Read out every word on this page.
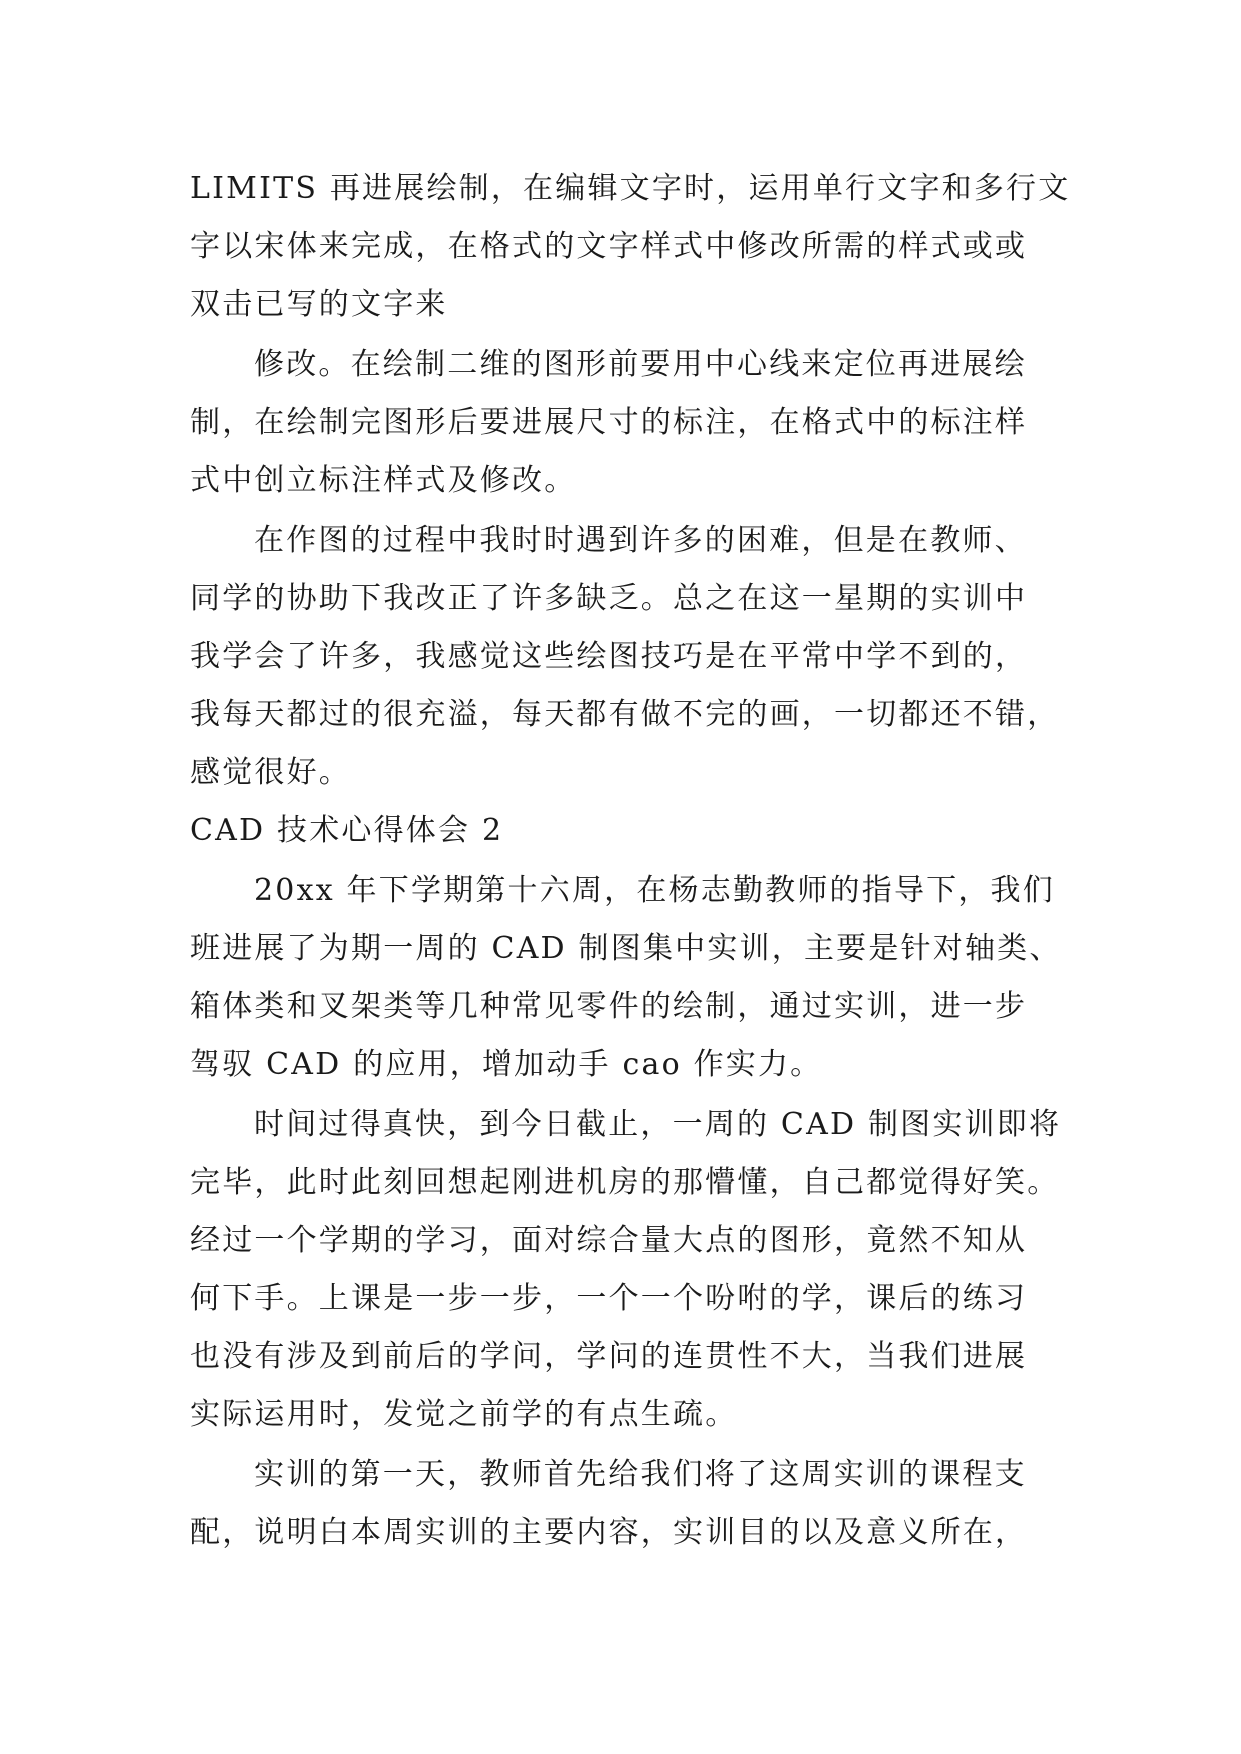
LIMITS 再进展绘制，在编辑文字时，运用单行文字和多行文
字以宋体来完成，在格式的文字样式中修改所需的样式或或
双击已写的文字来
修改。在绘制二维的图形前要用中心线来定位再进展绘
制，在绘制完图形后要进展尺寸的标注，在格式中的标注样
式中创立标注样式及修改。
在作图的过程中我时时遇到许多的困难，但是在教师、
同学的协助下我改正了许多缺乏。总之在这一星期的实训中
我学会了许多，我感觉这些绘图技巧是在平常中学不到的，
我每天都过的很充溢，每天都有做不完的画，一切都还不错，
感觉很好。
CAD 技术心得体会 2
20xx 年下学期第十六周，在杨志勤教师的指导下，我们
班进展了为期一周的 CAD 制图集中实训，主要是针对轴类、
箱体类和叉架类等几种常见零件的绘制，通过实训，进一步
驾驭 CAD 的应用，增加动手 cao 作实力。
时间过得真快，到今日截止，一周的 CAD 制图实训即将
完毕，此时此刻回想起刚进机房的那懵懂，自己都觉得好笑。
经过一个学期的学习，面对综合量大点的图形，竟然不知从
何下手。上课是一步一步，一个一个吩咐的学，课后的练习
也没有涉及到前后的学问，学问的连贯性不大，当我们进展
实际运用时，发觉之前学的有点生疏。
实训的第一天，教师首先给我们将了这周实训的课程支
配，说明白本周实训的主要内容，实训目的以及意义所在，
